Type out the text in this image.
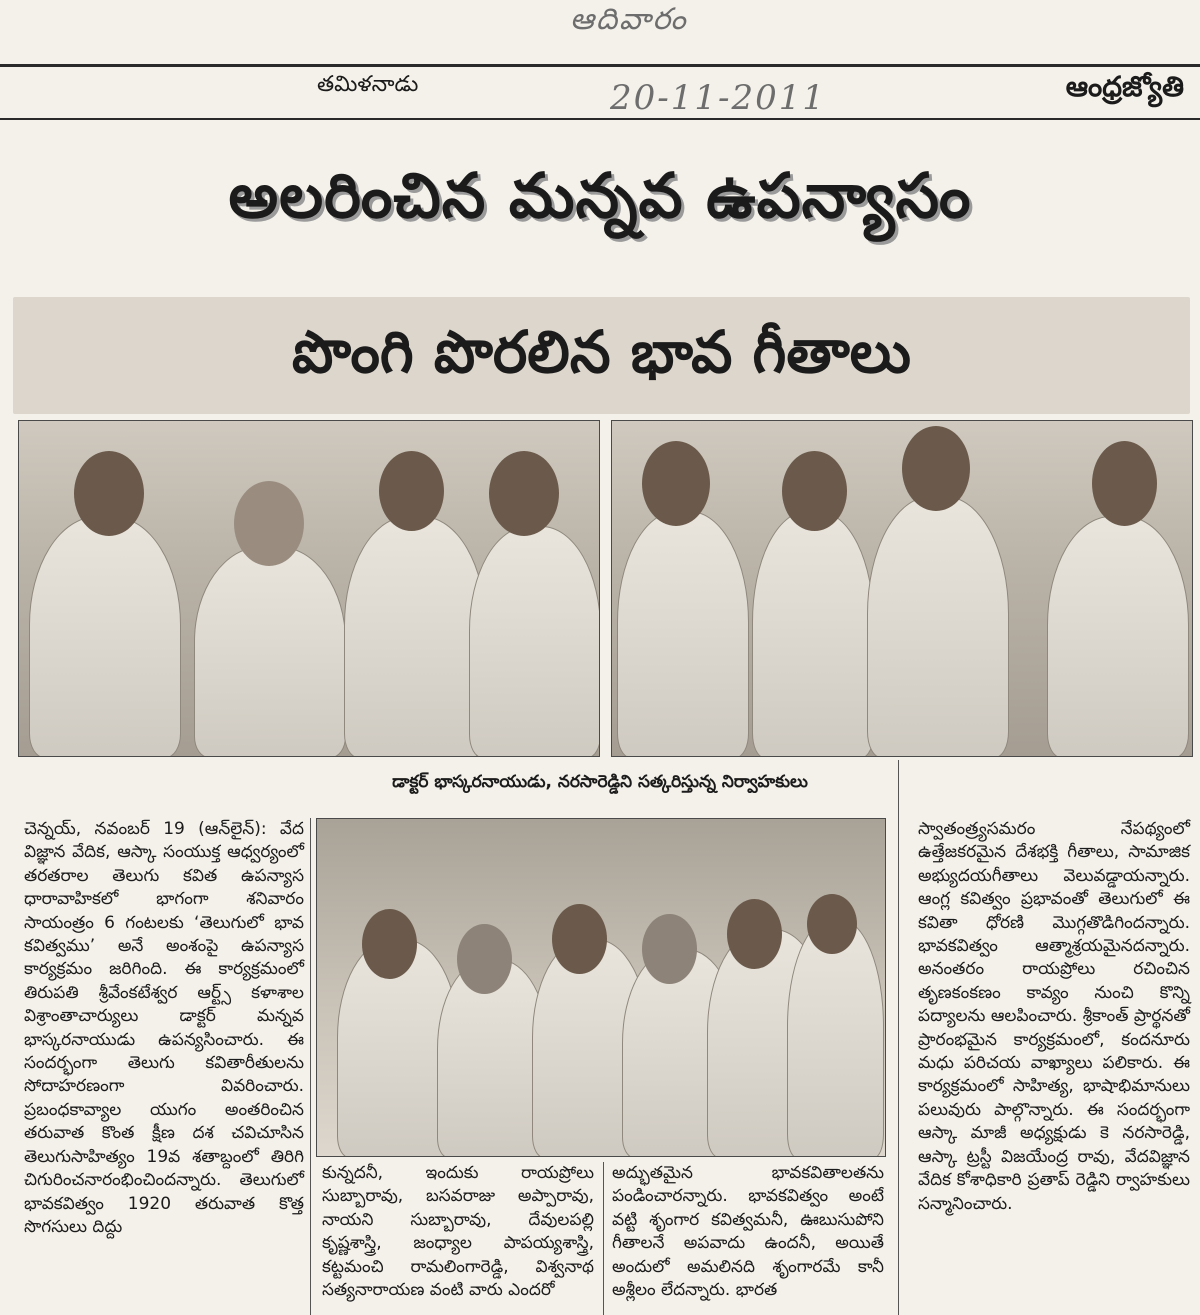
ఆదివారం
20-11-2011
తమిళనాడు	ఆంధ్రజ్యోతి
అలరించిన మన్నవ ఉపన్యాసం
పొంగి పొరలిన భావ గీతాలు
డాక్టర్ భాస్కరనాయుడు, నరసారెడ్డిని సత్కరిస్తున్న నిర్వాహకులు
చెన్నయ్, నవంబర్ 19 (ఆన్‌లైన్): వేద విజ్ఞాన వేదిక, ఆస్కా సంయుక్త ఆధ్వర్యంలో తరతరాల తెలుగు కవిత ఉపన్యాస ధారావాహికలో భాగంగా శనివారం సాయంత్రం 6 గంటలకు ‘తెలుగులో భావ కవిత్వము’ అనే అంశంపై ఉపన్యాస కార్యక్రమం జరిగింది. ఈ కార్యక్రమంలో తిరుపతి శ్రీవేంకటేశ్వర ఆర్ట్స్ కళాశాల విశ్రాంతాచార్యులు డాక్టర్ మన్నవ భాస్కరనాయుడు ఉపన్యసించారు. ఈ సందర్భంగా తెలుగు కవితారీతులను సోదాహరణంగా వివరించారు. ప్రబంధకావ్యాల యుగం అంతరించిన తరువాత కొంత క్షీణ దశ చవిచూసిన తెలుగుసాహిత్యం 19వ శతాబ్దంలో తిరిగి చిగురించనారంభించిందన్నారు. తెలుగులో భావకవిత్వం 1920 తరువాత కొత్త సొగసులు దిద్దు
కున్నదనీ, ఇందుకు రాయప్రోలు సుబ్బారావు, బసవరాజు అప్పారావు, నాయని సుబ్బారావు, దేవులపల్లి కృష్ణశాస్త్రి, జంధ్యాల పాపయ్యశాస్త్రి, కట్టమంచి రామలింగారెడ్డి, విశ్వనాథ సత్యనారాయణ వంటి వారు ఎందరో
అద్భుతమైన భావకవితాలతను పండించారన్నారు. భావకవిత్వం అంటే వట్టి శృంగార కవిత్వమనీ, ఊబుసుపోని గీతాలనే అపవాదు ఉందనీ, అయితే అందులో అమలినది శృంగారమే కానీ అశ్లీలం లేదన్నారు. భారత
స్వాతంత్ర్యసమరం నేపథ్యంలో ఉత్తేజకరమైన దేశభక్తి గీతాలు, సామాజిక అభ్యుదయగీతాలు వెలువడ్డాయన్నారు. ఆంగ్ల కవిత్వం ప్రభావంతో తెలుగులో ఈ కవితా ధోరణి మొగ్గతొడిగిందన్నారు. భావకవిత్వం ఆత్మాశ్రయమైనదన్నారు. అనంతరం రాయప్రోలు రచించిన తృణకంకణం కావ్యం నుంచి కొన్ని పద్యాలను ఆలపించారు. శ్రీకాంత్ ప్రార్థనతో ప్రారంభమైన కార్యక్రమంలో, కందనూరు మధు పరిచయ వాఖ్యాలు పలికారు. ఈ కార్యక్రమంలో సాహిత్య, భాషాభిమానులు పలువురు పాల్గొన్నారు. ఈ సందర్భంగా ఆస్కా మాజీ అధ్యక్షుడు కె నరసారెడ్డి, ఆస్కా ట్రస్టీ విజయేంద్ర రావు, వేదవిజ్ఞాన వేదిక కోశాధికారి ప్రతాప్ రెడ్డిని ర్వాహకులు సన్మానించారు.
